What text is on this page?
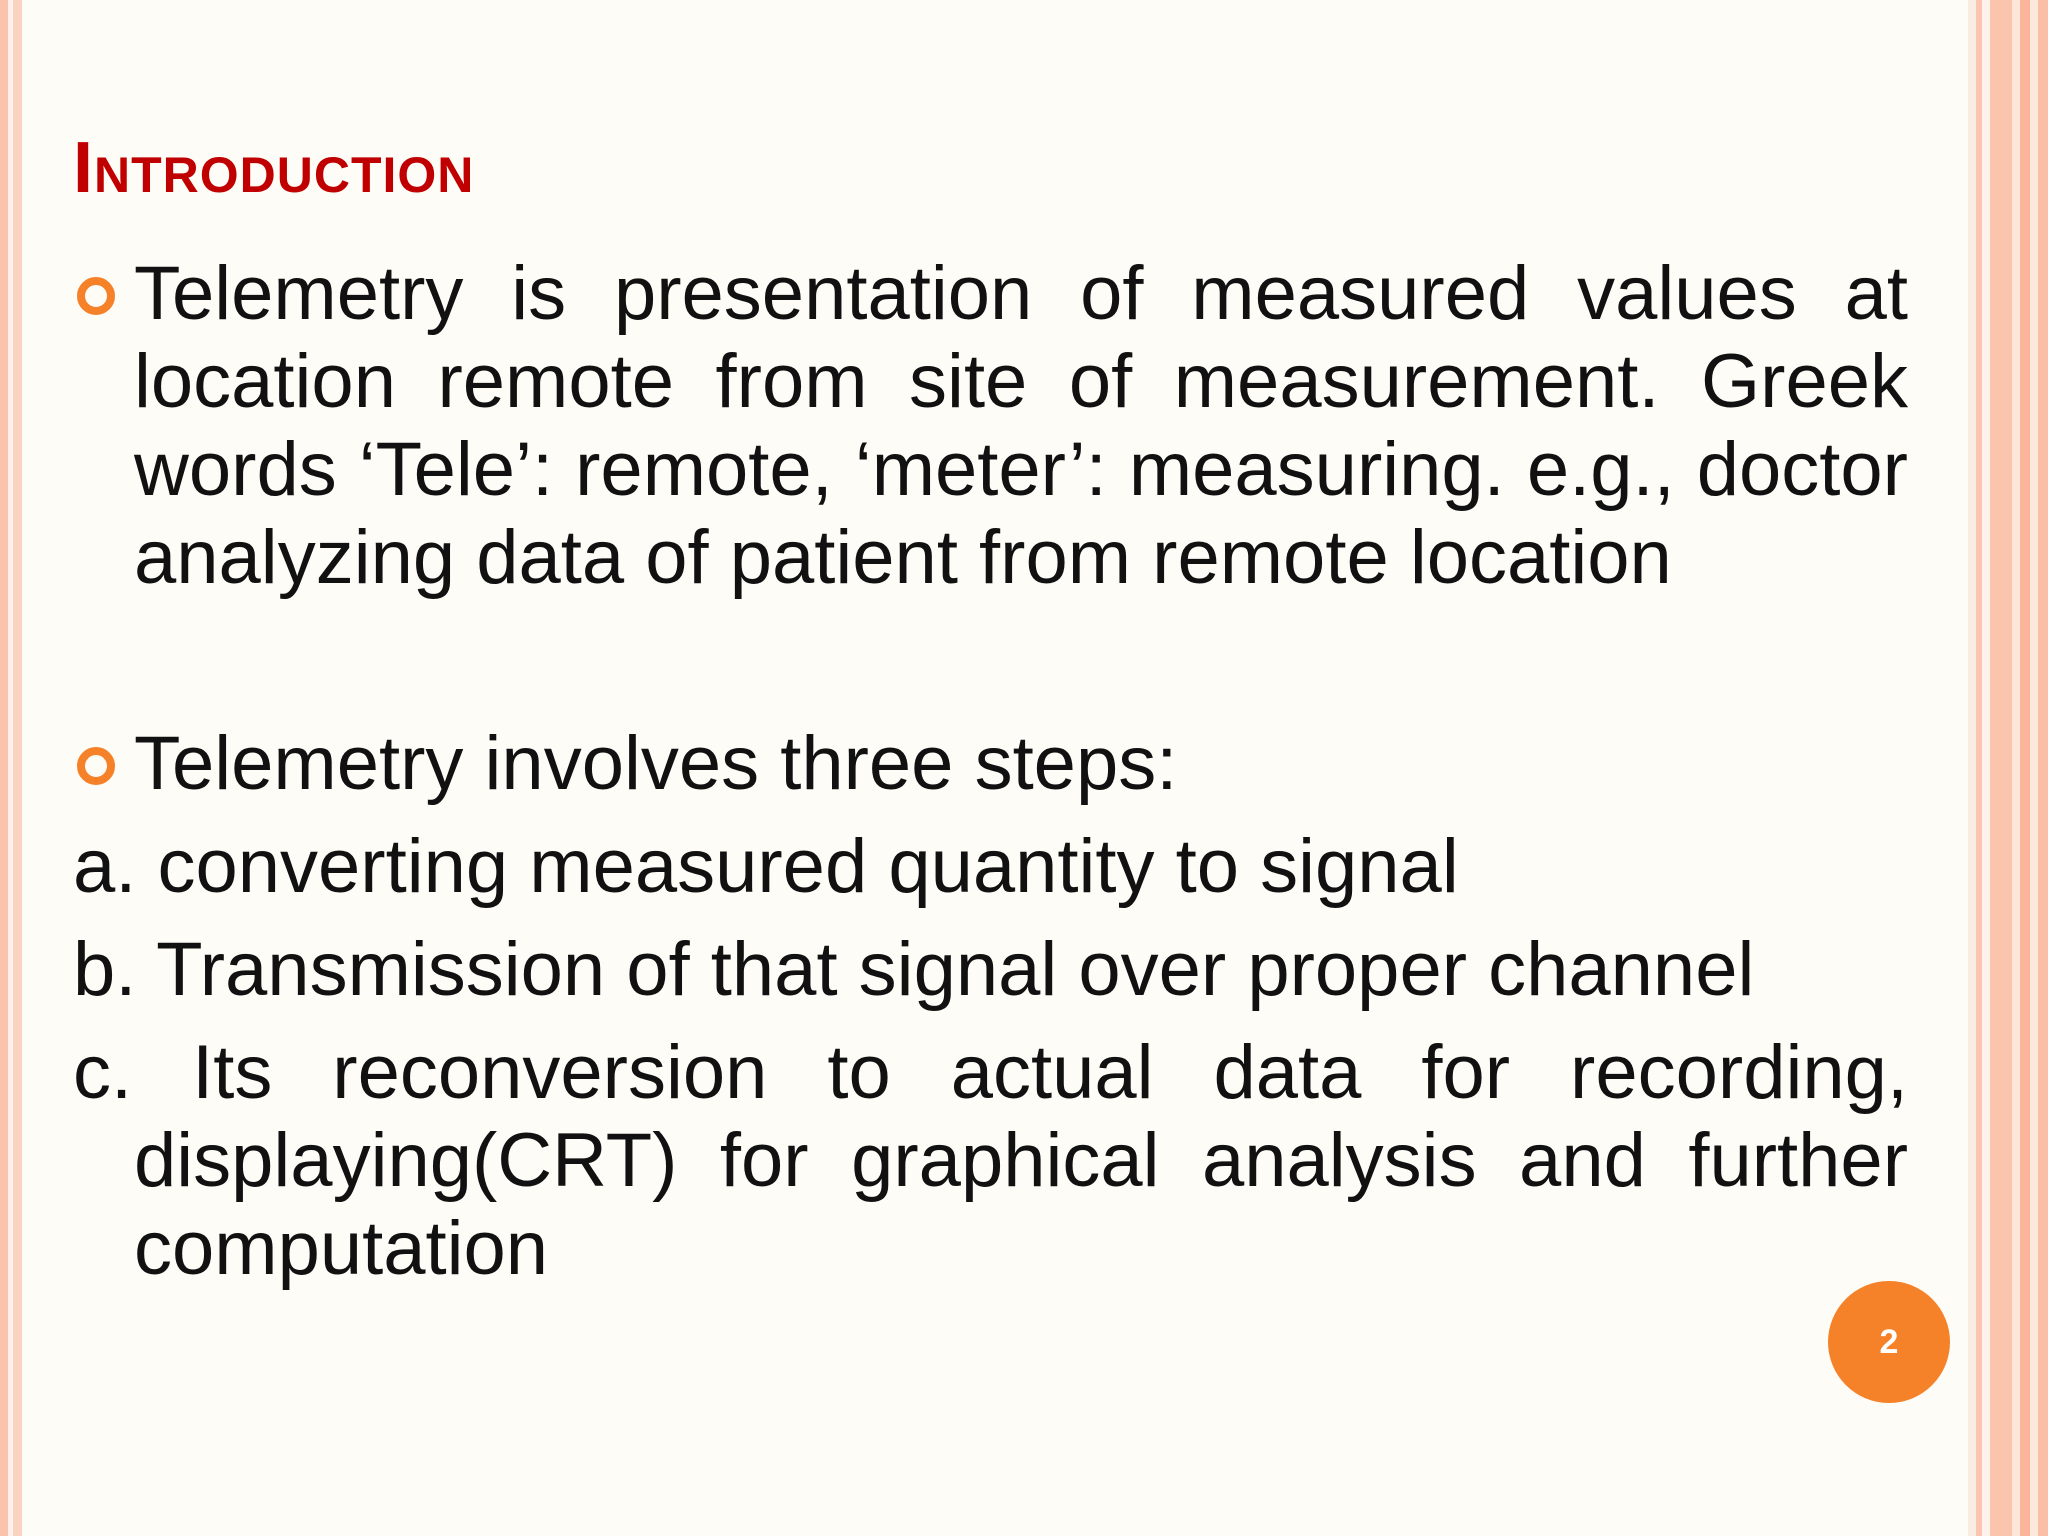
Introduction
Telemetry is presentation of measured values at location remote from site of measurement. Greek words ‘Tele’: remote, ‘meter’: measuring. e.g., doctor analyzing data of patient from remote location
Telemetry involves three steps:
a. converting measured quantity to signal
b. Transmission of that signal over proper channel
c. Its reconversion to actual data for recording, displaying(CRT) for graphical analysis and further computation
2
